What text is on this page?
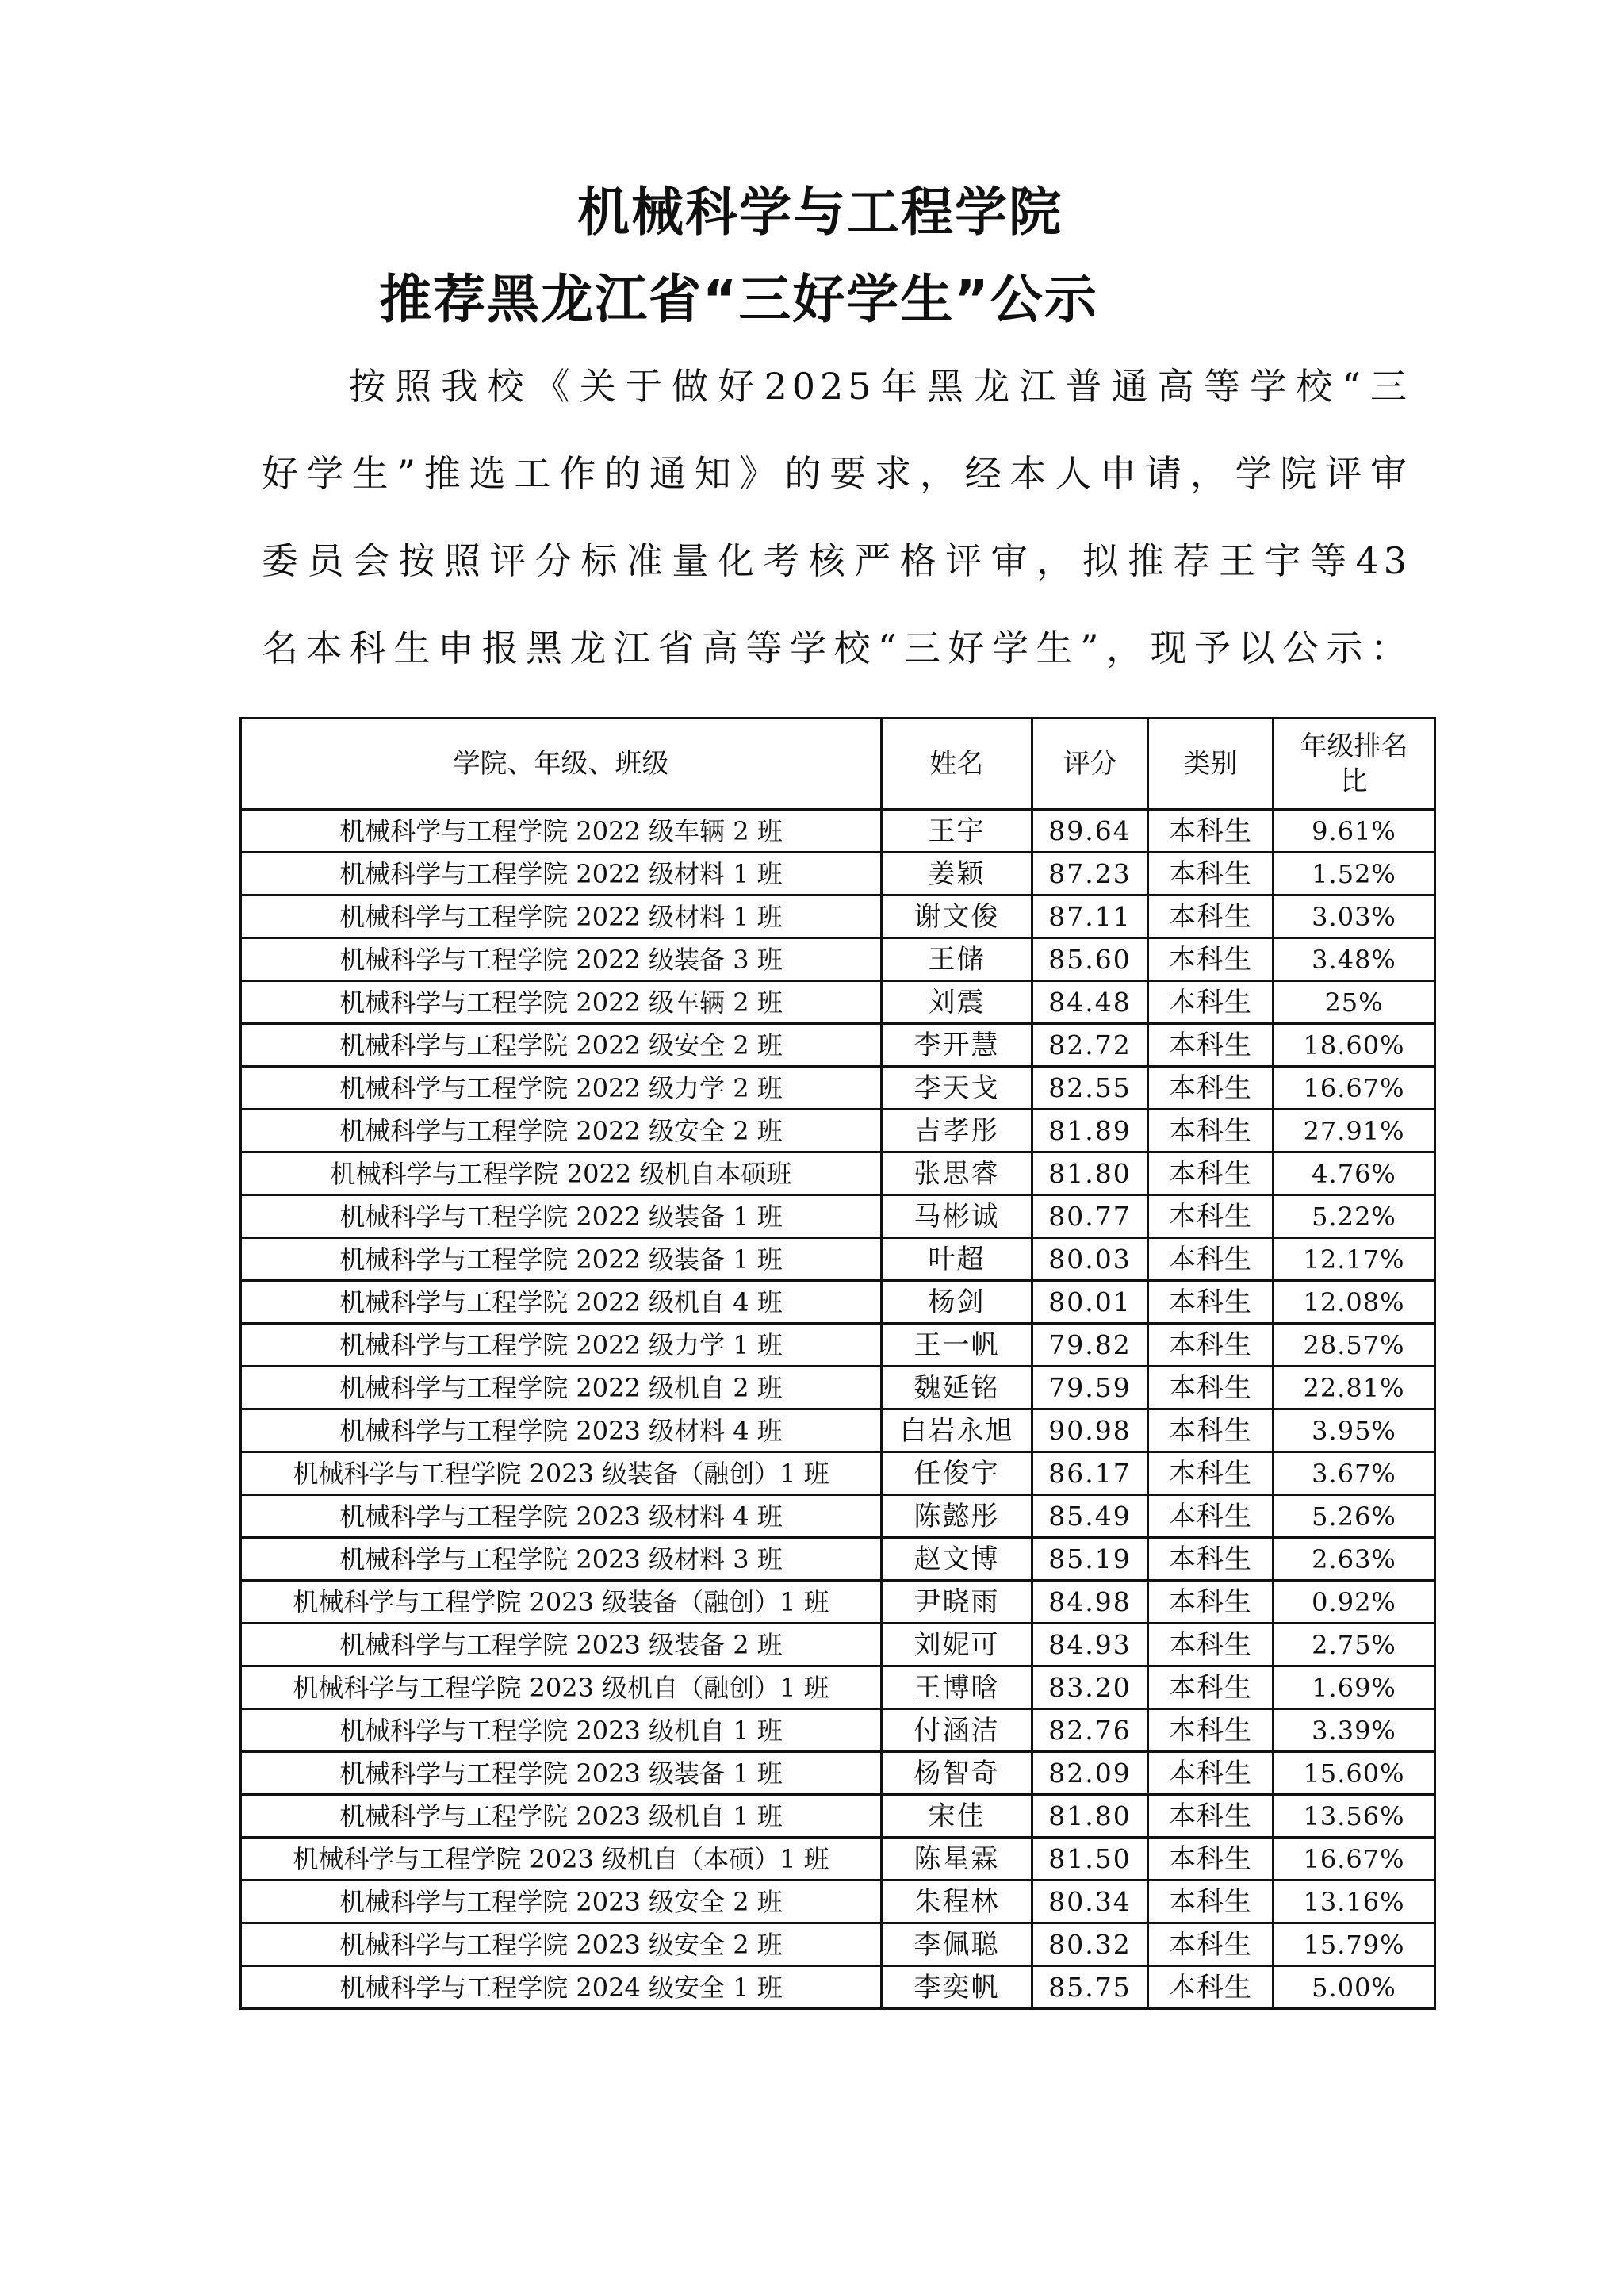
机械科学与工程学院
推荐黑龙江省“三好学生”公示
按照我校《关于做好2025年黑龙江普通高等学校“三
好学生”推选工作的通知》的要求，经本人申请，学院评审
委员会按照评分标准量化考核严格评审，拟推荐王宇等43
名本科生申报黑龙江省高等学校“三好学生”，现予以公示：
学院、年级、班级	姓名	评分	类别	年级排名比
机械科学与工程学院 2022 级车辆 2 班	王宇	89.64	本科生	9.61%
机械科学与工程学院 2022 级材料 1 班	姜颖	87.23	本科生	1.52%
机械科学与工程学院 2022 级材料 1 班	谢文俊	87.11	本科生	3.03%
机械科学与工程学院 2022 级装备 3 班	王储	85.60	本科生	3.48%
机械科学与工程学院 2022 级车辆 2 班	刘震	84.48	本科生	25%
机械科学与工程学院 2022 级安全 2 班	李开慧	82.72	本科生	18.60%
机械科学与工程学院 2022 级力学 2 班	李天戈	82.55	本科生	16.67%
机械科学与工程学院 2022 级安全 2 班	吉孝彤	81.89	本科生	27.91%
机械科学与工程学院 2022 级机自本硕班	张思睿	81.80	本科生	4.76%
机械科学与工程学院 2022 级装备 1 班	马彬诚	80.77	本科生	5.22%
机械科学与工程学院 2022 级装备 1 班	叶超	80.03	本科生	12.17%
机械科学与工程学院 2022 级机自 4 班	杨剑	80.01	本科生	12.08%
机械科学与工程学院 2022 级力学 1 班	王一帆	79.82	本科生	28.57%
机械科学与工程学院 2022 级机自 2 班	魏延铭	79.59	本科生	22.81%
机械科学与工程学院 2023 级材料 4 班	白岩永旭	90.98	本科生	3.95%
机械科学与工程学院 2023 级装备（融创）1 班	任俊宇	86.17	本科生	3.67%
机械科学与工程学院 2023 级材料 4 班	陈懿彤	85.49	本科生	5.26%
机械科学与工程学院 2023 级材料 3 班	赵文博	85.19	本科生	2.63%
机械科学与工程学院 2023 级装备（融创）1 班	尹晓雨	84.98	本科生	0.92%
机械科学与工程学院 2023 级装备 2 班	刘妮可	84.93	本科生	2.75%
机械科学与工程学院 2023 级机自（融创）1 班	王博晗	83.20	本科生	1.69%
机械科学与工程学院 2023 级机自 1 班	付涵洁	82.76	本科生	3.39%
机械科学与工程学院 2023 级装备 1 班	杨智奇	82.09	本科生	15.60%
机械科学与工程学院 2023 级机自 1 班	宋佳	81.80	本科生	13.56%
机械科学与工程学院 2023 级机自（本硕）1 班	陈星霖	81.50	本科生	16.67%
机械科学与工程学院 2023 级安全 2 班	朱程林	80.34	本科生	13.16%
机械科学与工程学院 2023 级安全 2 班	李佩聪	80.32	本科生	15.79%
机械科学与工程学院 2024 级安全 1 班	李奕帆	85.75	本科生	5.00%
